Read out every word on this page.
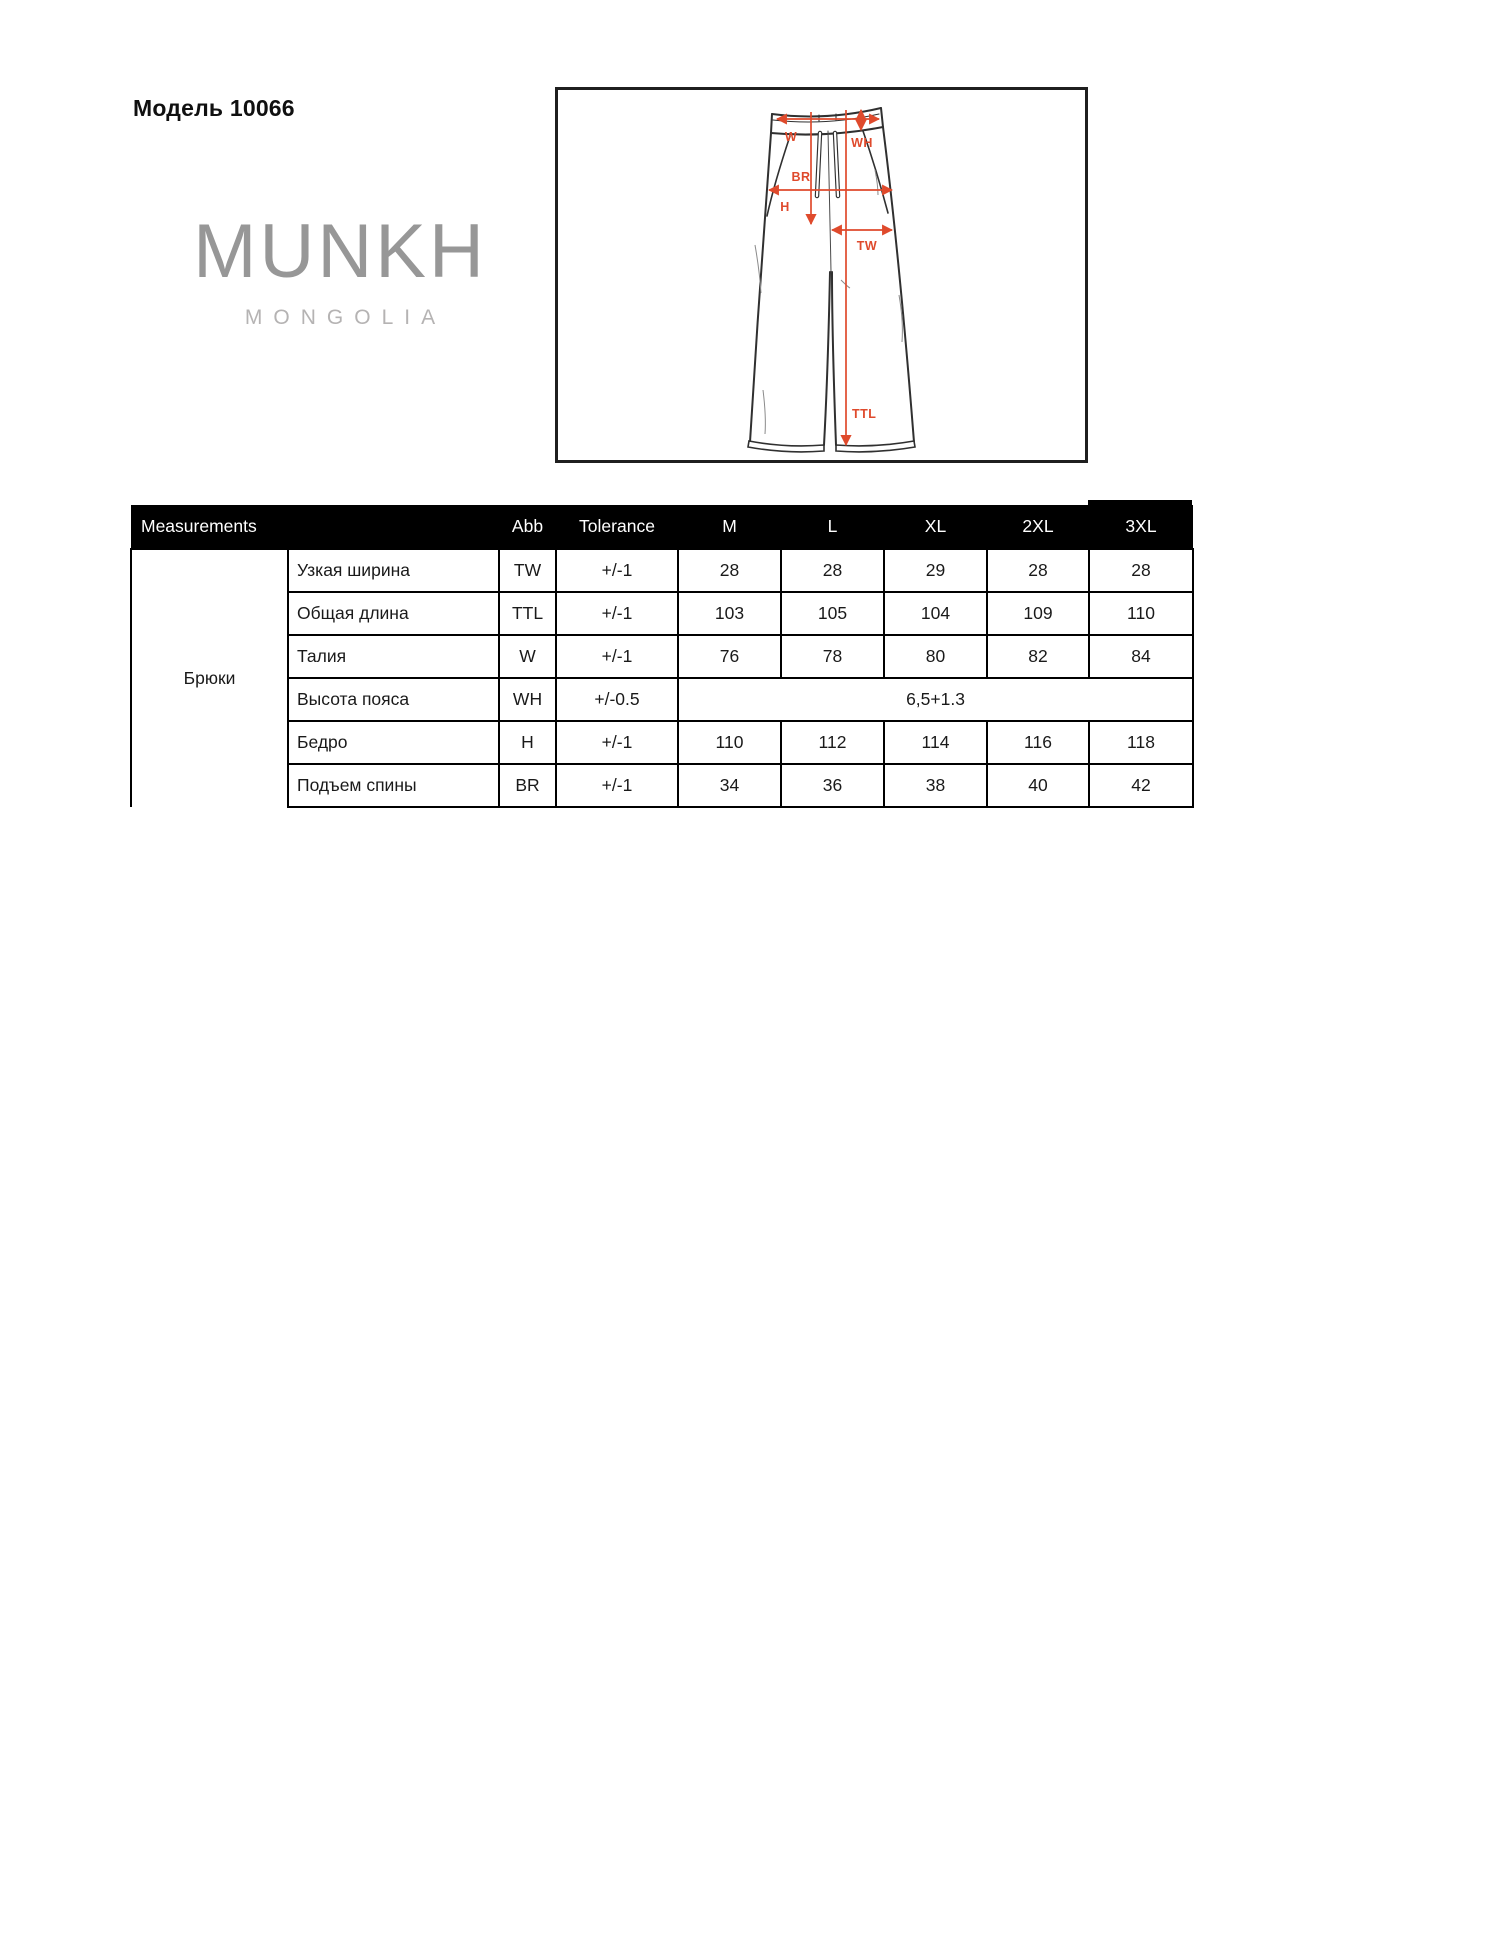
Модель 10066
MUNKH
MONGOLIA
W	WH
BR
H
TW
TTL
Measurements		Abb	Tolerance	M	L	XL	2XL	3XL
Брюки	Узкая ширина	TW	+/-1	28	28	29	28	28
	Общая длина	TTL	+/-1	103	105	104	109	110
	Талия	W	+/-1	76	78	80	82	84
	Высота пояса	WH	+/-0.5	6,5+1.3				
	Бедро	H	+/-1	110	112	114	116	118
	Подъем спины	BR	+/-1	34	36	38	40	42
